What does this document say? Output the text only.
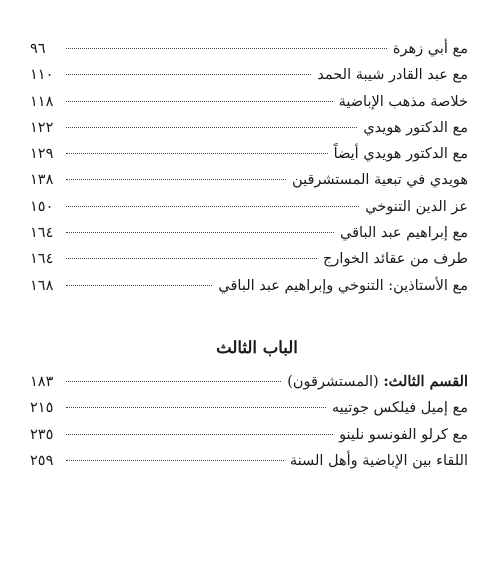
مع أبي زهرة
٩٦
مع عبد القادر شيبة الحمد
١١٠
خلاصة مذهب الإباضية
١١٨
مع الدكتور هويدي
١٢٢
مع الدكتور هويدي أيضاً
١٢٩
هويدي في تبعية المستشرقين
١٣٨
عز الدين التنوخي
١٥٠
مع إبراهيم عبد الباقي
١٦٤
طرف من عقائد الخوارج
١٦٤
مع الأستاذين: التنوخي وإبراهيم عبد الباقي
١٦٨
الباب الثالث
القسم الثالث: (المستشرقون)
١٨٣
مع إميل فيلكس جوتييه
٢١٥
مع كرلو الفونسو نلينو
٢٣٥
اللقاء بين الإباضية وأهل السنة
٢٥٩
